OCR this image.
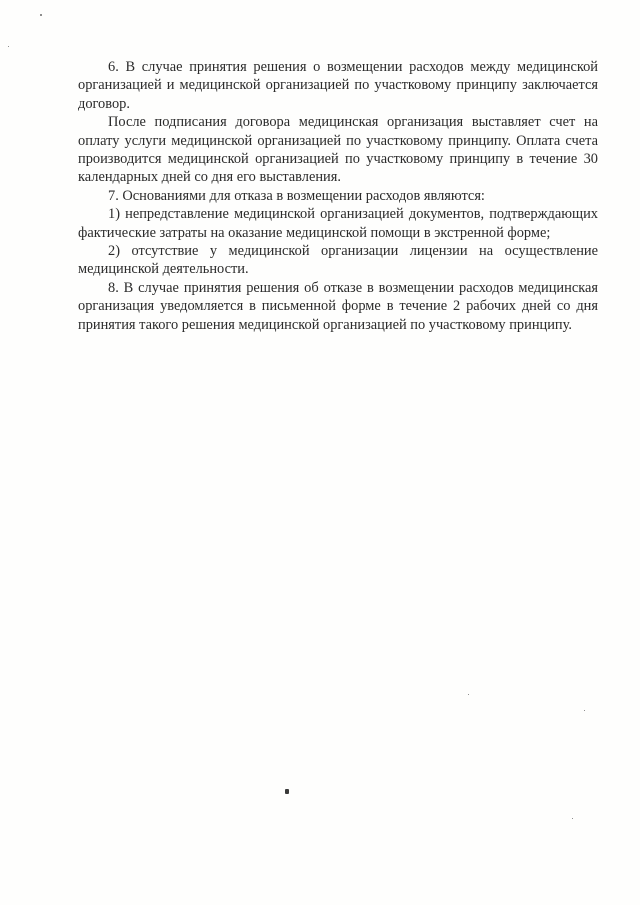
6. В случае принятия решения о возмещении расходов между медицинской организацией и медицинской организацией по участковому принципу заключается договор.

После подписания договора медицинская организация выставляет счет на оплату услуги медицинской организацией по участковому принципу. Оплата счета производится медицинской организацией по участковому принципу в течение 30 календарных дней со дня его выставления.

7. Основаниями для отказа в возмещении расходов являются:

1) непредставление медицинской организацией документов, подтверждающих фактические затраты на оказание медицинской помощи в экстренной форме;

2) отсутствие у медицинской организации лицензии на осуществление медицинской деятельности.

8. В случае принятия решения об отказе в возмещении расходов медицинская организация уведомляется в письменной форме в течение 2 рабочих дней со дня принятия такого решения медицинской организацией по участковому принципу.
